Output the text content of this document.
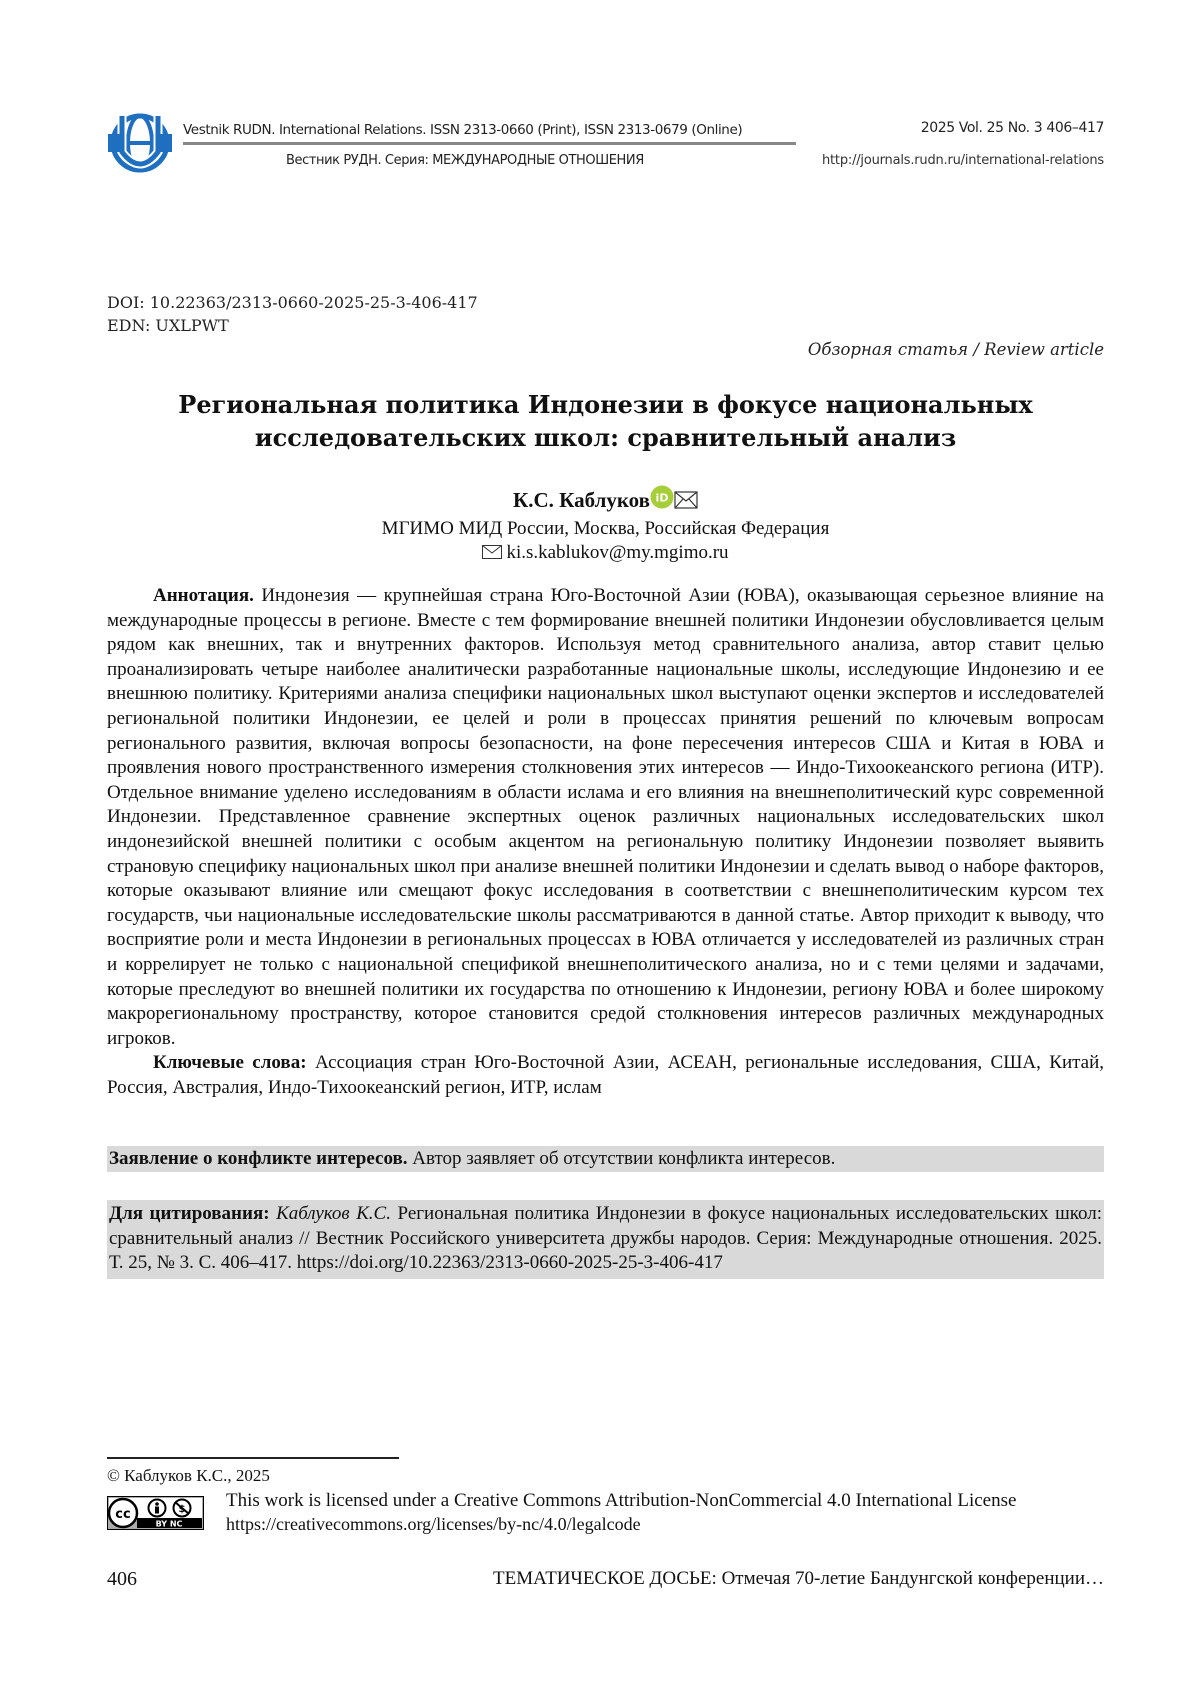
Vestnik RUDN. International Relations. ISSN 2313-0660 (Print), ISSN 2313-0679 (Online)
Вестник РУДН. Серия: МЕЖДУНАРОДНЫЕ ОТНОШЕНИЯ
2025 Vol. 25 No. 3 406–417
http://journals.rudn.ru/international-relations
DOI: 10.22363/2313-0660-2025-25-3-406-417
EDN: UXLPWT
Обзорная статья / Review article
Региональная политика Индонезии в фокусе национальных
исследовательских школ: сравнительный анализ
К.С. Каблуков iD
МГИМО МИД России, Москва, Российская Федерация
ki.s.kablukov@my.mgimo.ru

Аннотация. Индонезия — крупнейшая страна Юго-Восточной Азии (ЮВА), оказывающая серьезное влияние на международные процессы в регионе. Вместе с тем формирование внешней политики Индонезии обусловливается целым рядом как внешних, так и внутренних факторов. Используя метод сравнительного анализа, автор ставит целью проанализировать четыре наиболее аналитически разработанные национальные школы, исследующие Индонезию и ее внешнюю политику. Критериями анализа специфики национальных школ выступают оценки экспертов и исследователей региональной политики Индонезии, ее целей и роли в процессах принятия решений по ключевым вопросам регионального развития, включая вопросы безопасности, на фоне пересечения интересов США и Китая в ЮВА и проявления нового пространственного измерения столкновения этих интересов — Индо-Тихоокеанского региона (ИТР). Отдельное внимание уделено исследованиям в области ислама и его влияния на внешнеполитический курс современной Индонезии. Представленное сравнение экспертных оценок различных национальных исследовательских школ индонезийской внешней политики с особым акцентом на региональную политику Индонезии позволяет выявить страновую специфику национальных школ при анализе внешней политики Индонезии и сделать вывод о наборе факторов, которые оказывают влияние или смещают фокус исследования в соответствии с внешнеполитическим курсом тех государств, чьи национальные исследовательские школы рассматриваются в данной статье. Автор приходит к выводу, что восприятие роли и места Индонезии в региональных процессах в ЮВА отличается у исследователей из различных стран и коррелирует не только с национальной спецификой внешнеполитического анализа, но и с теми целями и задачами, которые преследуют во внешней политики их государства по отношению к Индонезии, региону ЮВА и более широкому макрорегиональному пространству, которое становится средой столкновения интересов различных международных игроков.

Ключевые слова: Ассоциация стран Юго-Восточной Азии, АСЕАН, региональные исследования, США, Китай, Россия, Австралия, Индо-Тихоокеанский регион, ИТР, ислам

Заявление о конфликте интересов. Автор заявляет об отсутствии конфликта интересов.
Для цитирования: Каблуков К.С. Региональная политика Индонезии в фокусе национальных исследовательских школ: сравнительный анализ // Вестник Российского университета дружбы народов. Серия: Международные отношения. 2025. Т. 25, № 3. С. 406–417. https://doi.org/10.22363/2313-0660-2025-25-3-406-417
© Каблуков К.С., 2025
cc	$
BY NC
This work is licensed under a Creative Commons Attribution-NonCommercial 4.0 International License
https://creativecommons.org/licenses/by-nc/4.0/legalcode
406	ТЕМАТИЧЕСКОЕ ДОСЬЕ: Отмечая 70-летие Бандунгской конференции…
